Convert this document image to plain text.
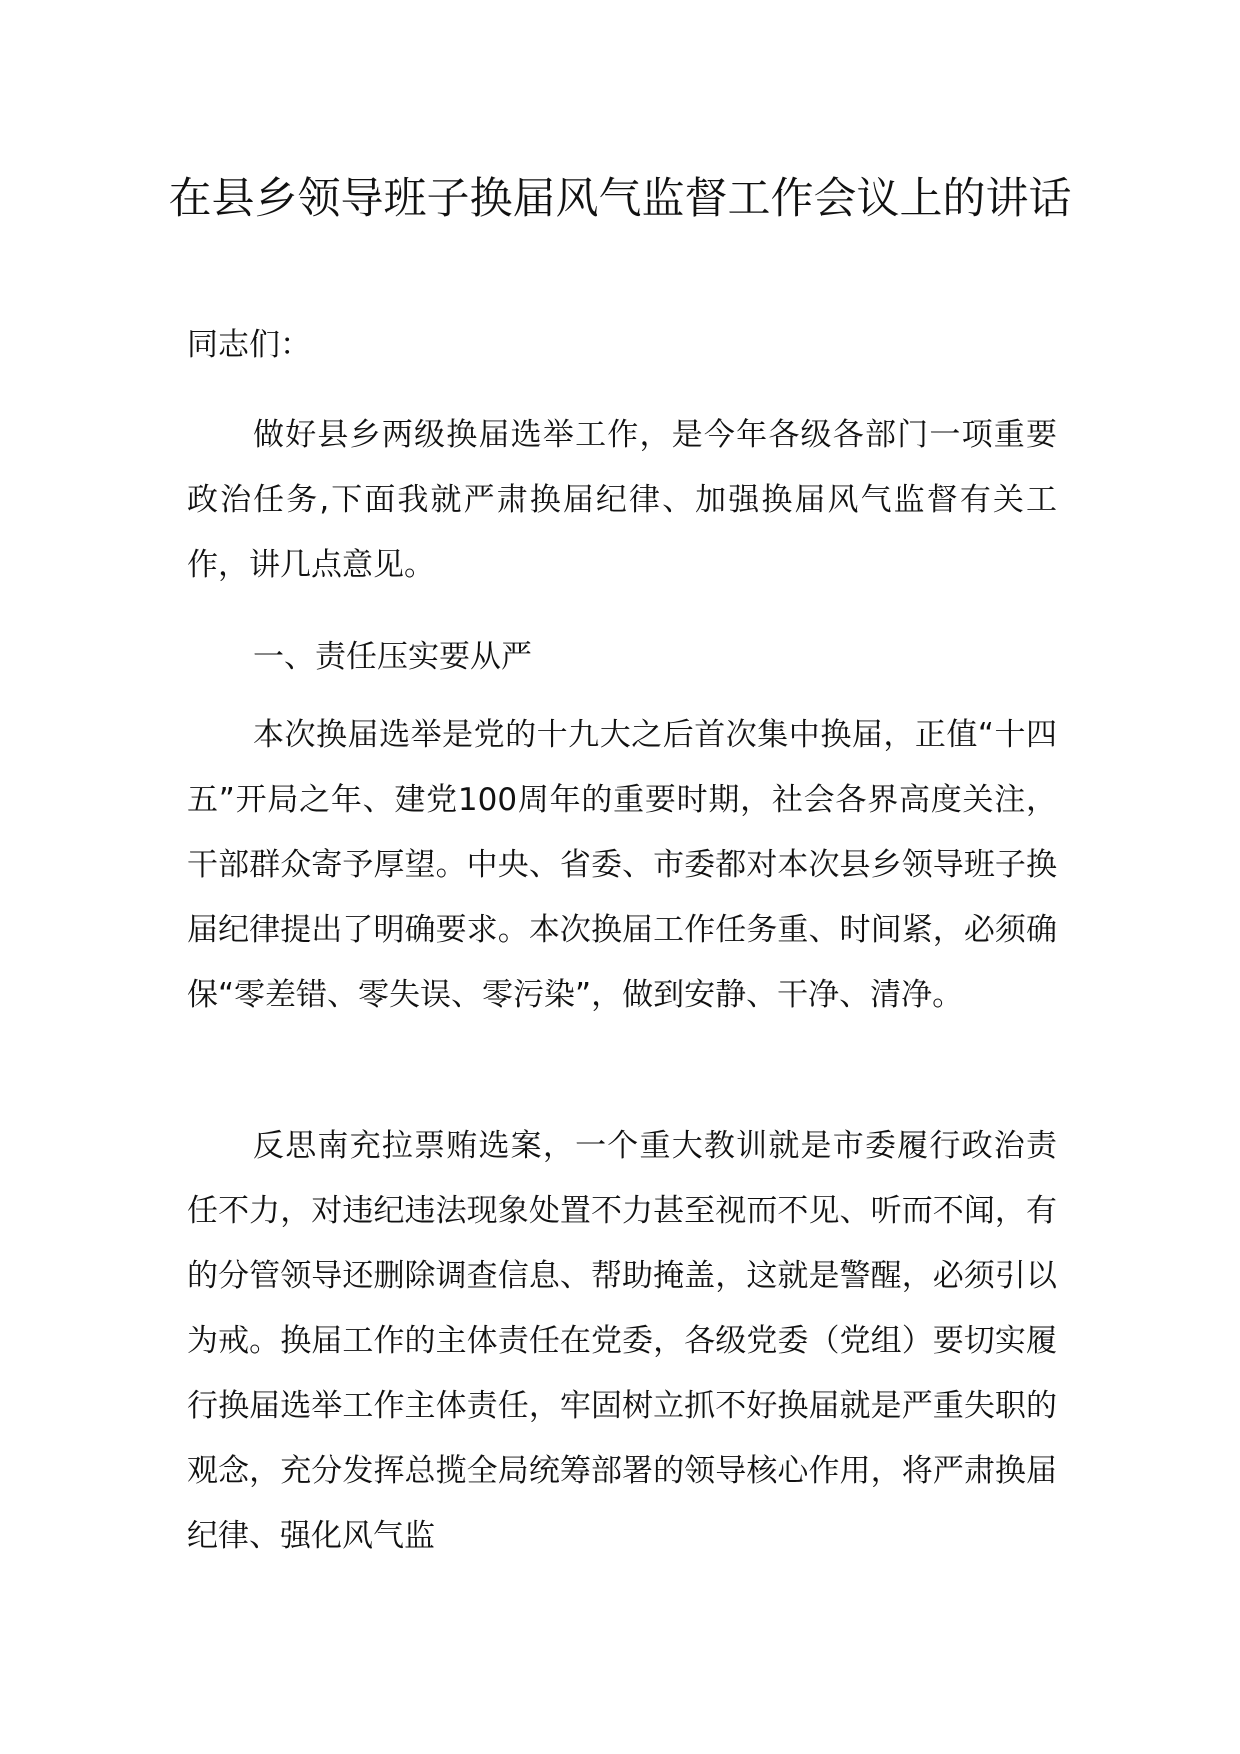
在县乡领导班子换届风气监督工作会议上的讲话

同志们：

做好县乡两级换届选举工作，是今年各级各部门一项重要政治任务,下面我就严肃换届纪律、加强换届风气监督有关工作，讲几点意见。

一、责任压实要从严

本次换届选举是党的十九大之后首次集中换届，正值“十四五”开局之年、建党100周年的重要时期，社会各界高度关注，干部群众寄予厚望。中央、省委、市委都对本次县乡领导班子换届纪律提出了明确要求。本次换届工作任务重、时间紧，必须确保“零差错、零失误、零污染”，做到安静、干净、清净。

反思南充拉票贿选案，一个重大教训就是市委履行政治责任不力，对违纪违法现象处置不力甚至视而不见、听而不闻，有的分管领导还删除调查信息、帮助掩盖，这就是警醒，必须引以为戒。换届工作的主体责任在党委，各级党委（党组）要切实履行换届选举工作主体责任，牢固树立抓不好换届就是严重失职的观念，充分发挥总揽全局统筹部署的领导核心作用，将严肃换届纪律、强化风气监
